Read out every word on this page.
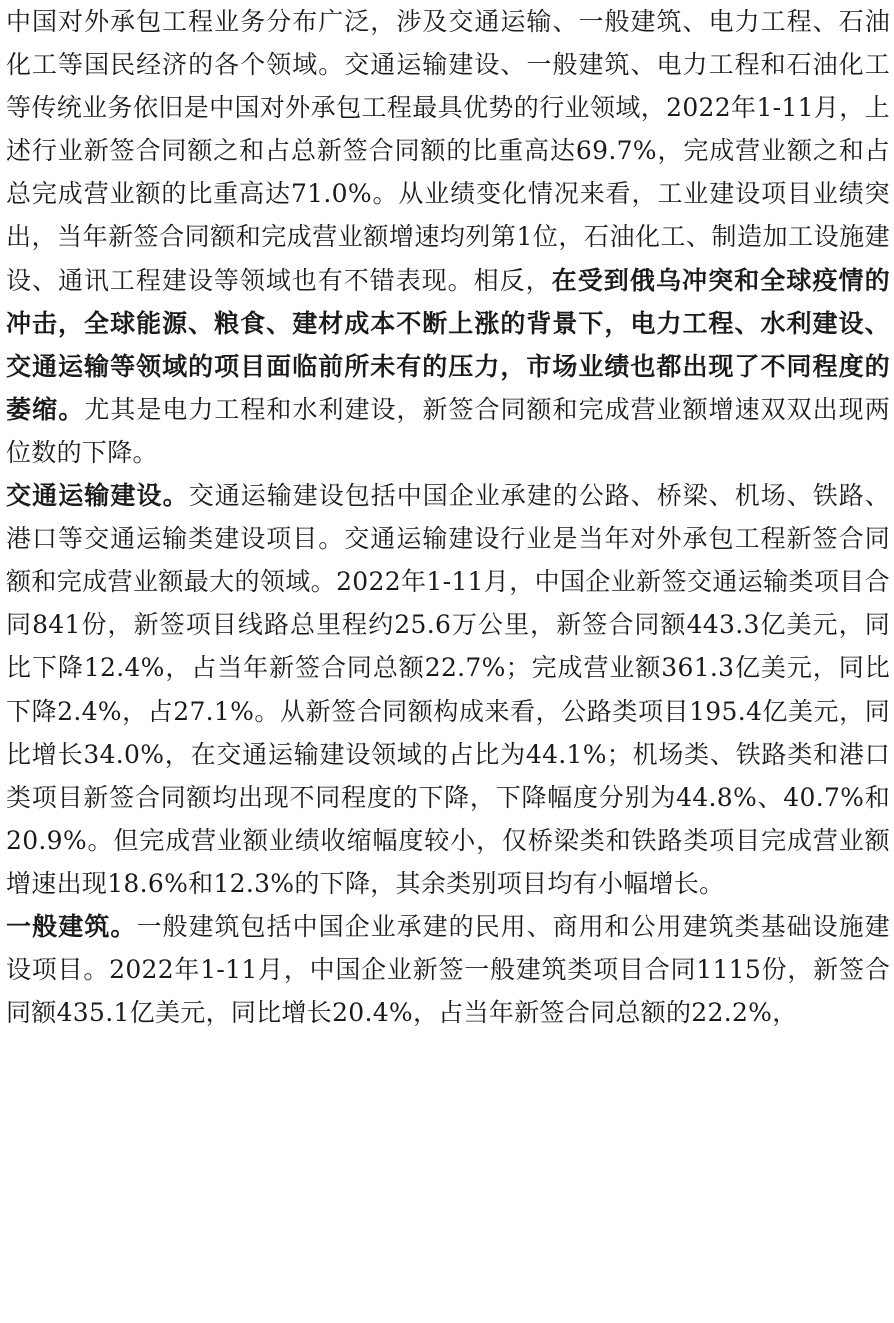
中国对外承包工程业务分布广泛，涉及交通运输、一般建筑、电力工程、石油化工等国民经济的各个领域。交通运输建设、一般建筑、电力工程和石油化工等传统业务依旧是中国对外承包工程最具优势的行业领域，2022年1-11月，上述行业新签合同额之和占总新签合同额的比重高达69.7%，完成营业额之和占总完成营业额的比重高达71.0%。从业绩变化情况来看，工业建设项目业绩突出，当年新签合同额和完成营业额增速均列第1位，石油化工、制造加工设施建设、通讯工程建设等领域也有不错表现。相反，在受到俄乌冲突和全球疫情的冲击，全球能源、粮食、建材成本不断上涨的背景下，电力工程、水利建设、交通运输等领域的项目面临前所未有的压力，市场业绩也都出现了不同程度的萎缩。尤其是电力工程和水利建设，新签合同额和完成营业额增速双双出现两位数的下降。

交通运输建设。交通运输建设包括中国企业承建的公路、桥梁、机场、铁路、港口等交通运输类建设项目。交通运输建设行业是当年对外承包工程新签合同额和完成营业额最大的领域。2022年1-11月，中国企业新签交通运输类项目合同841份，新签项目线路总里程约25.6万公里，新签合同额443.3亿美元，同比下降12.4%，占当年新签合同总额22.7%；完成营业额361.3亿美元，同比下降2.4%，占27.1%。从新签合同额构成来看，公路类项目195.4亿美元，同比增长34.0%，在交通运输建设领域的占比为44.1%；机场类、铁路类和港口类项目新签合同额均出现不同程度的下降，下降幅度分别为44.8%、40.7%和20.9%。但完成营业额业绩收缩幅度较小，仅桥梁类和铁路类项目完成营业额增速出现18.6%和12.3%的下降，其余类别项目均有小幅增长。

一般建筑。一般建筑包括中国企业承建的民用、商用和公用建筑类基础设施建设项目。2022年1-11月，中国企业新签一般建筑类项目合同1115份，新签合同额435.1亿美元，同比增长20.4%，占当年新签合同总额的22.2%，
